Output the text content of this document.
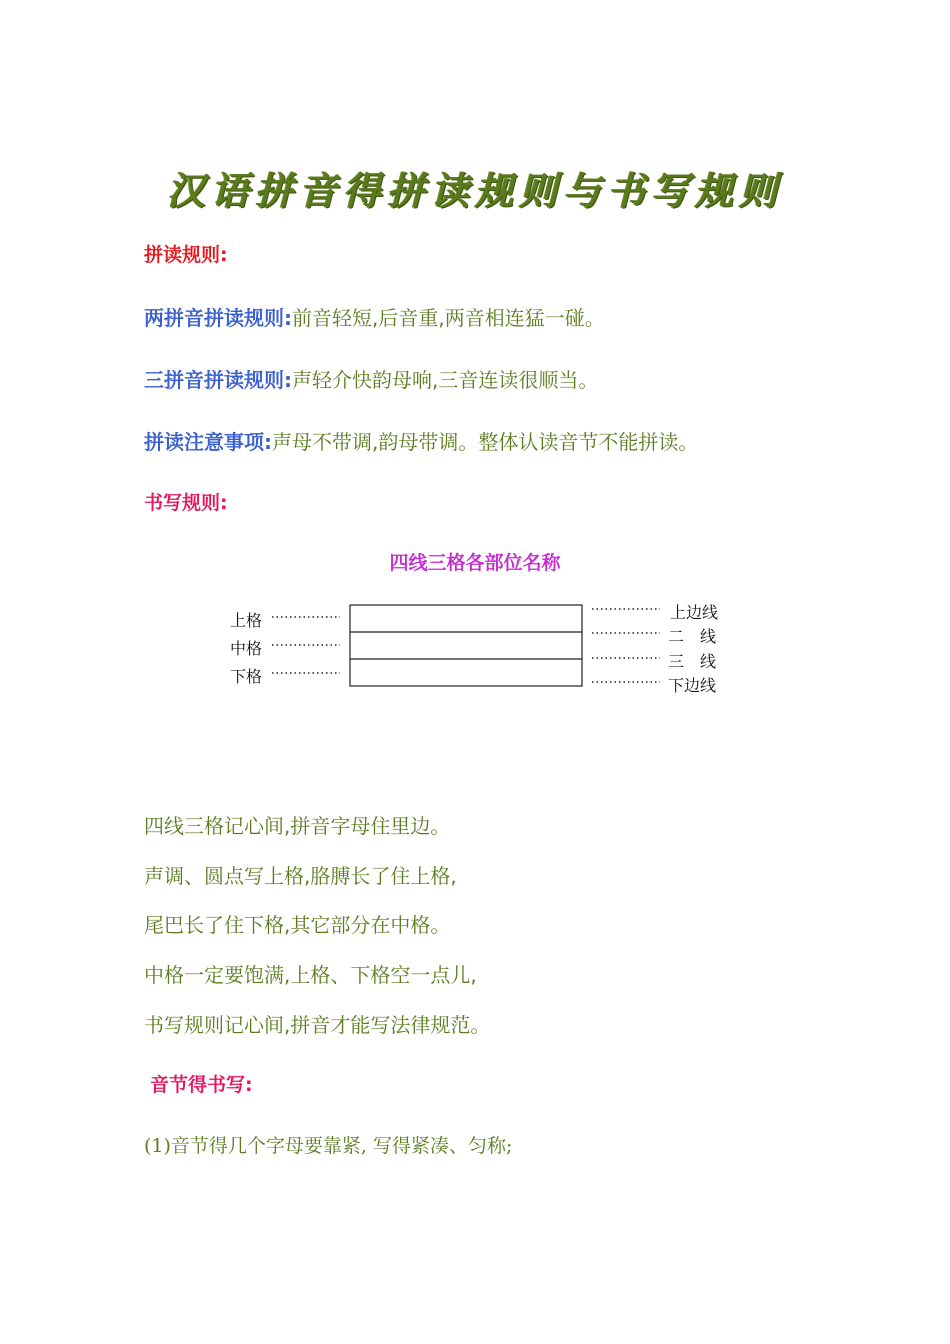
汉语拼音得拼读规则与书写规则
拼读规则:
两拼音拼读规则:前音轻短,后音重,两音相连猛一碰。
三拼音拼读规则:声轻介快韵母响,三音连读很顺当。
拼读注意事项:声母不带调,韵母带调。整体认读音节不能拼读。
书写规则:
四线三格各部位名称
上格
中格
下格
上边线
二　线
三　线
下边线
四线三格记心间,拼音字母住里边。
声调、圆点写上格,胳膊长了住上格,
尾巴长了住下格,其它部分在中格。
中格一定要饱满,上格、下格空一点儿,
书写规则记心间,拼音才能写法律规范。
音节得书写:
(1)音节得几个字母要靠紧, 写得紧凑、匀称;
